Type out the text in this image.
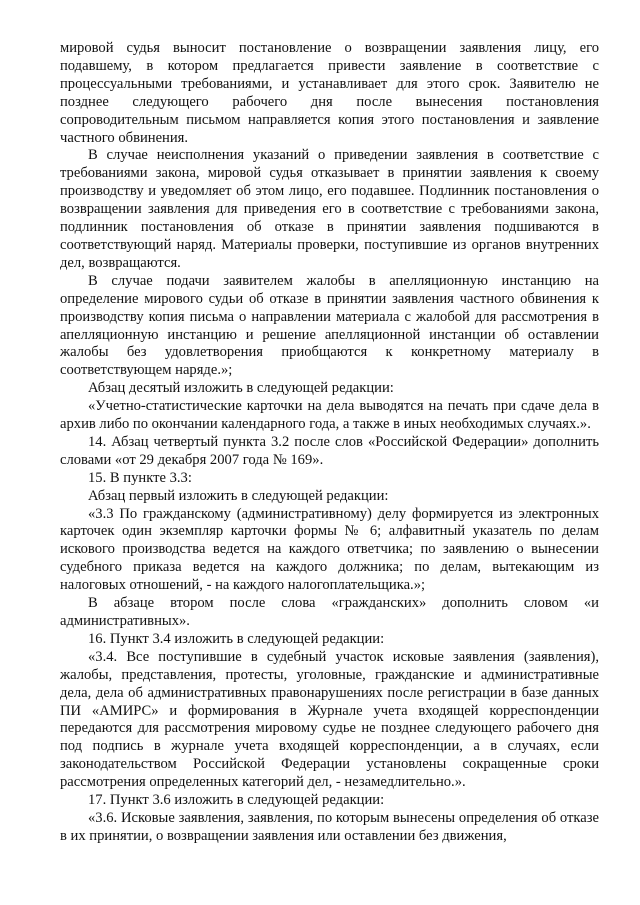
мировой судья выносит постановление о возвращении заявления лицу, его подавшему, в котором предлагается привести заявление в соответствие с процессуальными требованиями, и устанавливает для этого срок. Заявителю не позднее следующего рабочего дня после вынесения постановления сопроводительным письмом направляется копия этого постановления и заявление частного обвинения.

В случае неисполнения указаний о приведении заявления в соответствие с требованиями закона, мировой судья отказывает в принятии заявления к своему производству и уведомляет об этом лицо, его подавшее. Подлинник постановления о возвращении заявления для приведения его в соответствие с требованиями закона, подлинник постановления об отказе в принятии заявления подшиваются в соответствующий наряд. Материалы проверки, поступившие из органов внутренних дел, возвращаются.

В случае подачи заявителем жалобы в апелляционную инстанцию на определение мирового судьи об отказе в принятии заявления частного обвинения к производству копия письма о направлении материала с жалобой для рассмотрения в апелляционную инстанцию и решение апелляционной инстанции об оставлении жалобы без удовлетворения приобщаются к конкретному материалу в соответствующем наряде.»;

Абзац десятый изложить в следующей редакции:

«Учетно-статистические карточки на дела выводятся на печать при сдаче дела в архив либо по окончании календарного года, а также в иных необходимых случаях.».

14. Абзац четвертый пункта 3.2 после слов «Российской Федерации» дополнить словами «от 29 декабря 2007 года № 169».

15. В пункте 3.3:

Абзац первый изложить в следующей редакции:

«3.3 По гражданскому (административному) делу формируется из электронных карточек один экземпляр карточки формы № 6; алфавитный указатель по делам искового производства ведется на каждого ответчика; по заявлению о вынесении судебного приказа ведется на каждого должника; по делам, вытекающим из налоговых отношений, - на каждого налогоплательщика.»;

В абзаце втором после слова «гражданских» дополнить словом «и административных».

16. Пункт 3.4 изложить в следующей редакции:

«3.4. Все поступившие в судебный участок исковые заявления (заявления), жалобы, представления, протесты, уголовные, гражданские и административные дела, дела об административных правонарушениях после регистрации в базе данных ПИ «АМИРС» и формирования в Журнале учета входящей корреспонденции передаются для рассмотрения мировому судье не позднее следующего рабочего дня под подпись в журнале учета входящей корреспонденции, а в случаях, если законодательством Российской Федерации установлены сокращенные сроки рассмотрения определенных категорий дел, - незамедлительно.».

17. Пункт 3.6 изложить в следующей редакции:

«3.6. Исковые заявления, заявления, по которым вынесены определения об отказе в их принятии, о возвращении заявления или оставлении без движения,
